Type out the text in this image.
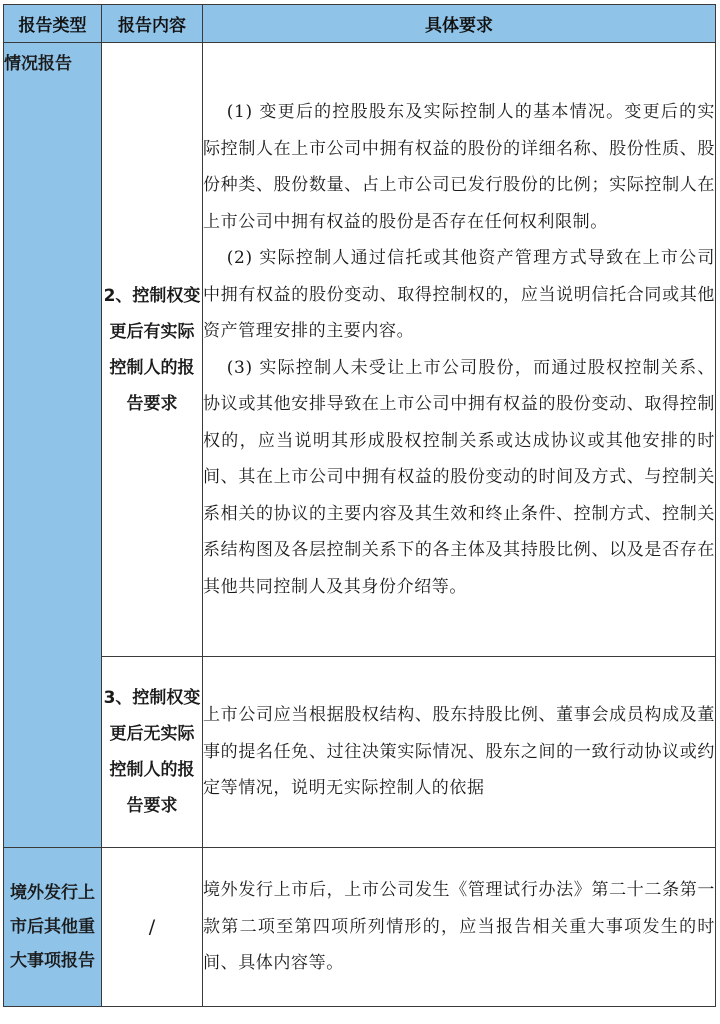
报告类型	报告内容	具体要求
情况报告	2、控制权变更后有实际控制人的报告要求	(1) 变更后的控股股东及实际控制人的基本情况。变更后的实际控制人在上市公司中拥有权益的股份的详细名称、股份性质、股份种类、股份数量、占上市公司已发行股份的比例；实际控制人在上市公司中拥有权益的股份是否存在任何权利限制。

(2) 实际控制人通过信托或其他资产管理方式导致在上市公司中拥有权益的股份变动、取得控制权的，应当说明信托合同或其他资产管理安排的主要内容。

(3) 实际控制人未受让上市公司股份，而通过股权控制关系、协议或其他安排导致在上市公司中拥有权益的股份变动、取得控制权的，应当说明其形成股权控制关系或达成协议或其他安排的时间、其在上市公司中拥有权益的股份变动的时间及方式、与控制关系相关的协议的主要内容及其生效和终止条件、控制方式、控制关系结构图及各层控制关系下的各主体及其持股比例、以及是否存在其他共同控制人及其身份介绍等。

	3、控制权变更后无实际控制人的报告要求	上市公司应当根据股权结构、股东持股比例、董事会成员构成及董事的提名任免、过往决策实际情况、股东之间的一致行动协议或约定等情况，说明无实际控制人的依据

境外发行上市后其他重大事项报告	/	境外发行上市后，上市公司发生《管理试行办法》第二十二条第一款第二项至第四项所列情形的，应当报告相关重大事项发生的时间、具体内容等。
